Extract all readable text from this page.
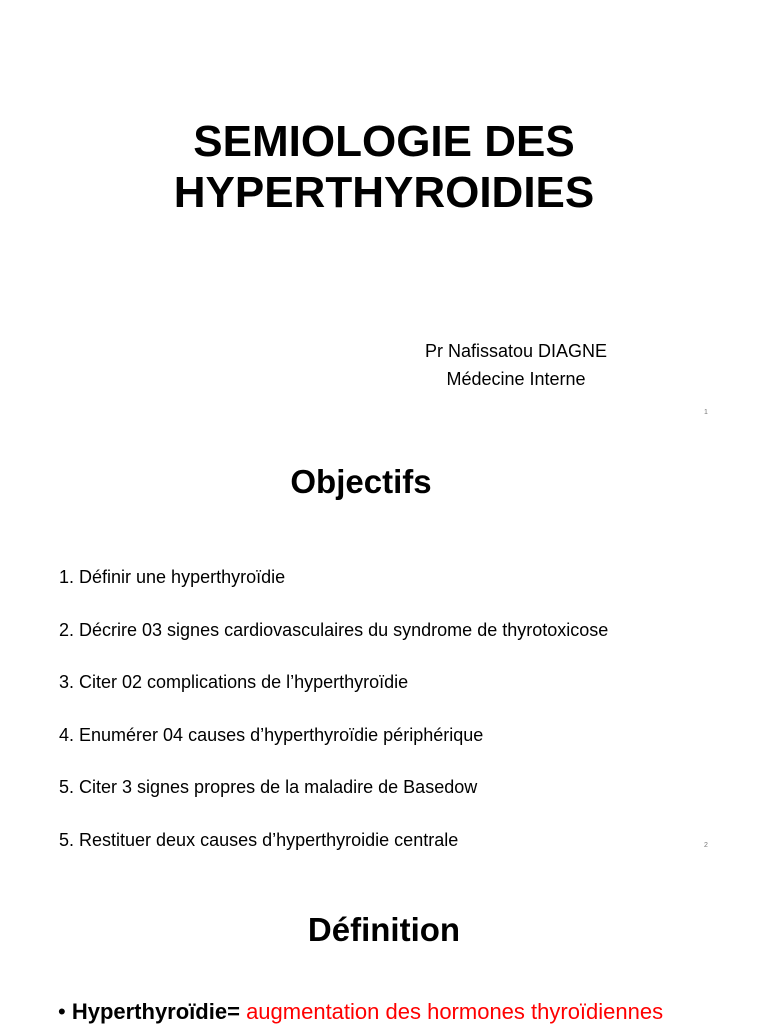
SEMIOLOGIE DES
HYPERTHYROIDIES
Pr Nafissatou DIAGNE
Médecine Interne
1
Objectifs
1. Définir une hyperthyroïdie
2. Décrire 03 signes cardiovasculaires du syndrome de thyrotoxicose
3. Citer 02 complications de l’hyperthyroïdie
4. Enumérer 04 causes d’hyperthyroïdie périphérique
5. Citer 3 signes propres de la maladire de Basedow
5. Restituer deux causes d’hyperthyroidie centrale	2
Définition
• Hyperthyroïdie= augmentation des hormones thyroïdiennes
